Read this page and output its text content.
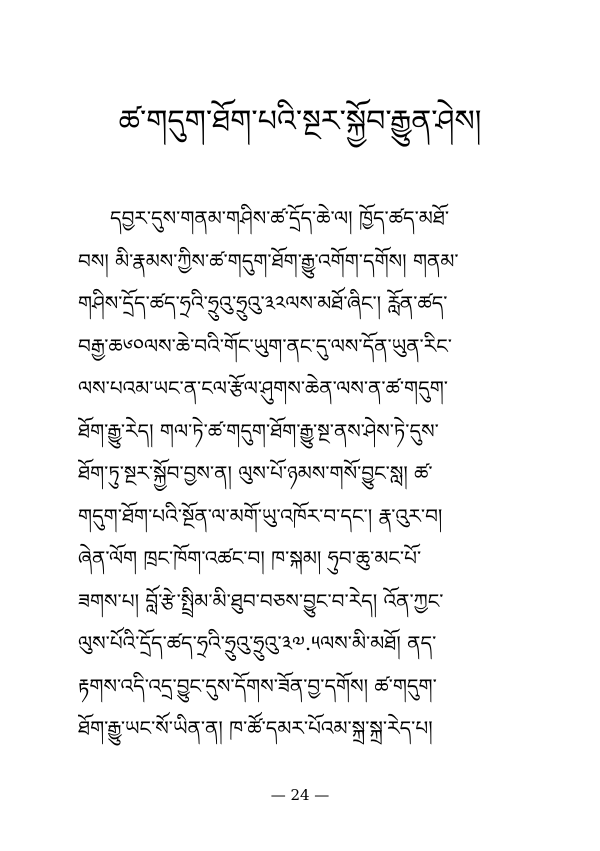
ཚ་གདུག་ཐོག་པའི་སྔར་སྐྱོབ་རྒྱུན་ཤེས།
དབྱར་དུས་གནམ་གཤིས་ཚ་དྲོད་ཆེ་ལ། ཁྱོད་ཚད་མཐོ་
བས། མི་རྣམས་ཀྱིས་ཚ་གདུག་ཐོག་རྒྱུ་འགོག་དགོས། གནམ་
གཤིས་དྲོད་ཚད་ཧྲའི་ཧྲུའུ་ཧྲུའུ་༣༢ལས་མཐོ་ཞིང་། རློན་ཚད་
བརྒྱ་ཆ༦༠ལས་ཆེ་བའི་གོང་ཡུག་ནང་དུ་ལས་དོན་ཡུན་རིང་
ལས་པའམ་ཡང་ན་ངལ་རྩོལ་ཤུགས་ཆེན་ལས་ན་ཚ་གདུག་
ཐོག་རྒྱུ་རེད། གལ་ཏེ་ཚ་གདུག་ཐོག་རྒྱུ་སྔ་ནས་ཤེས་ཏེ་དུས་
ཐོག་ཏུ་སྔར་སྐྱོབ་བྱས་ན། ལུས་པོ་ཉམས་གསོ་བྱུང་སླ། ཚ་
གདུག་ཐོག་པའི་སྔོན་ལ་མགོ་ཡུ་འཁོར་བ་དང་། རྣ་འུར་བ།
ཞེན་ལོག ཁྲང་ཁོག་འཚང་བ། ཁ་སྐམ། ཧུབ་ཆུ་མང་པོ་
ཟགས་པ། བློ་རྩེ་སྤྲིམ་མི་ཐུབ་བཅས་བྱུང་བ་རེད། འོན་ཀྱང་
ལུས་པོའི་དྲོད་ཚད་ཧྲའི་ཧྲུའུ་ཧྲུའུ་༣༧.༥ལས་མི་མཐོ། ནད་
རྟགས་འདི་འདྲ་བྱུང་དུས་དོགས་ཟོན་བྱ་དགོས། ཚ་གདུག་
ཐོག་རྒྱུ་ཡང་སོ་ཡིན་ན། ཁ་ཚོ་དམར་པོའམ་སྐྲ་སྐྲ་རེད་པ།
— 24 —
